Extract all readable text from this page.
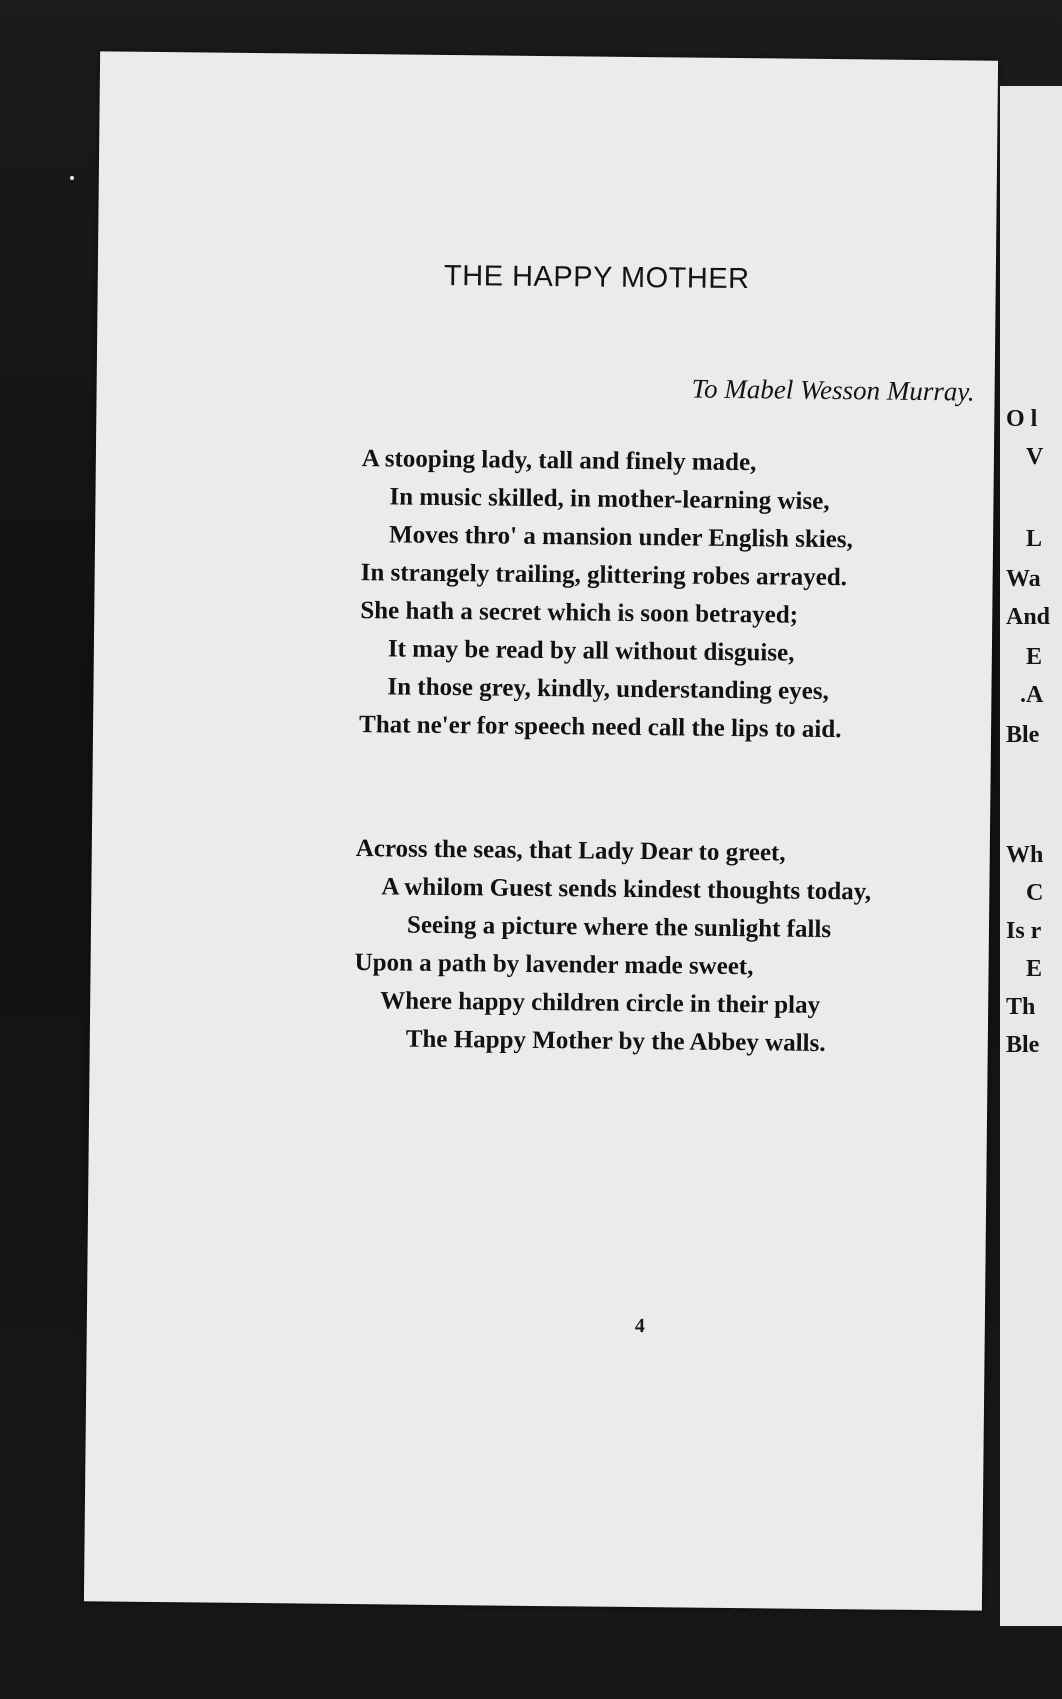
THE HAPPY MOTHER
To Mabel Wesson Murray.
A stooping lady, tall and finely made,
In music skilled, in mother-learning wise,
Moves thro' a mansion under English skies,
In strangely trailing, glittering robes arrayed.
She hath a secret which is soon betrayed;
It may be read by all without disguise,
In those grey, kindly, understanding eyes,
That ne'er for speech need call the lips to aid.
Across the seas, that Lady Dear to greet,
A whilom Guest sends kindest thoughts today,
Seeing a picture where the sunlight falls
Upon a path by lavender made sweet,
Where happy children circle in their play
The Happy Mother by the Abbey walls.
4
O l
V
L
Wa
And
E
.A
Ble
Wh
C
Is r
E
Th
Ble
